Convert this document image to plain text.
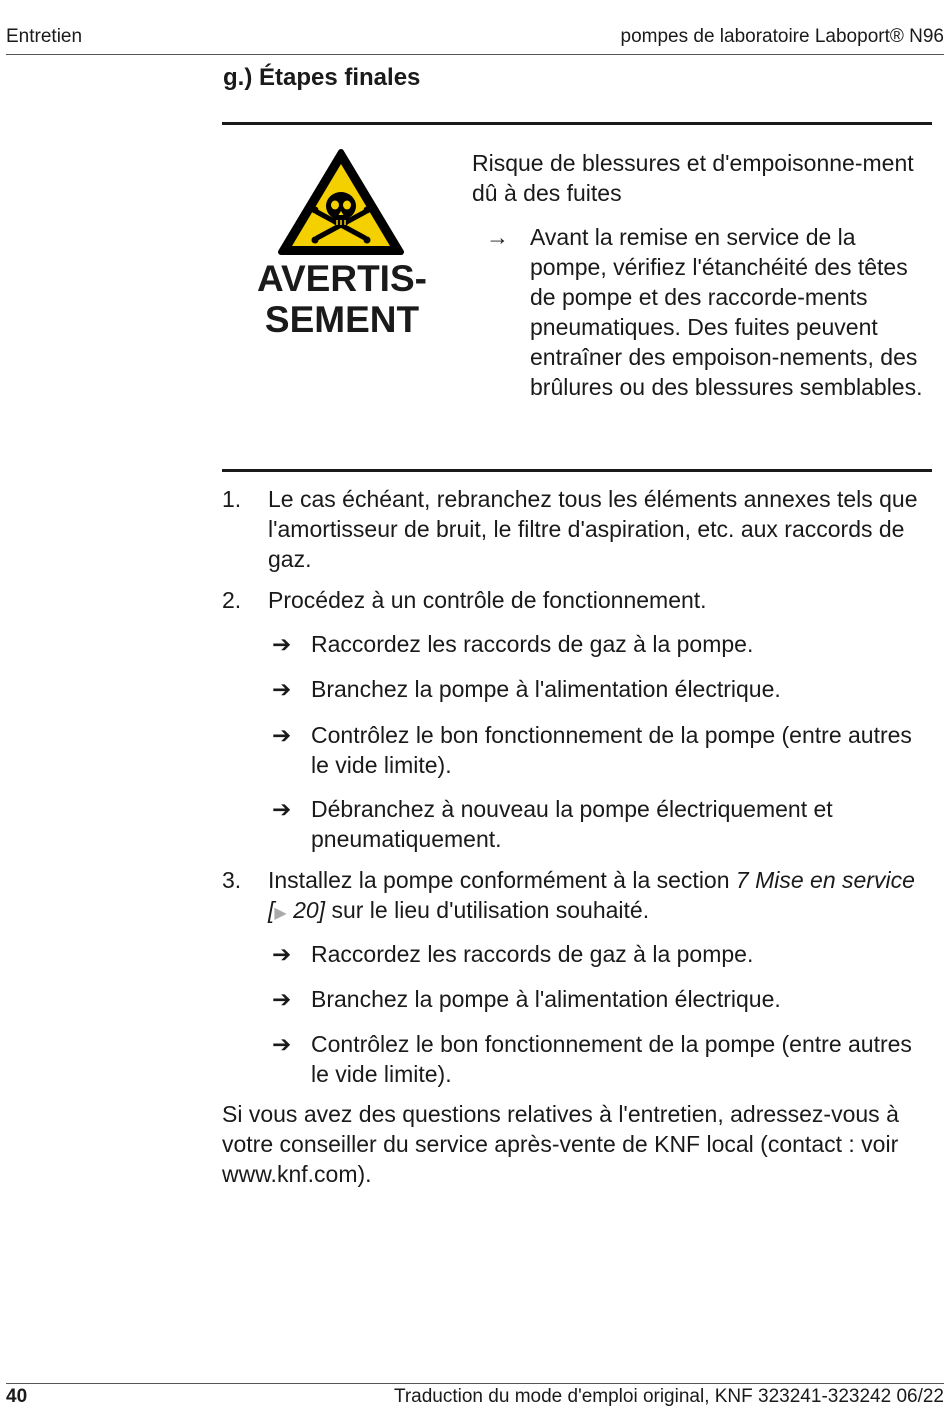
Entretien	pompes de laboratoire Laboport® N96
g.) Étapes finales
AVERTIS-
SEMENT
Risque de blessures et d'empoisonne-ment dû à des fuites
→ Avant la remise en service de la pompe, vérifiez l'étanchéité des têtes de pompe et des raccorde-ments pneumatiques. Des fuites peuvent entraîner des empoison-nements, des brûlures ou des blessures semblables.
1. Le cas échéant, rebranchez tous les éléments annexes tels que l'amortisseur de bruit, le filtre d'aspiration, etc. aux raccords de gaz.
2. Procédez à un contrôle de fonctionnement.
➔ Raccordez les raccords de gaz à la pompe.
➔ Branchez la pompe à l'alimentation électrique.
➔ Contrôlez le bon fonctionnement de la pompe (entre autres le vide limite).
➔ Débranchez à nouveau la pompe électriquement et pneumatiquement.
3. Installez la pompe conformément à la section 7 Mise en service [▶ 20] sur le lieu d'utilisation souhaité.
➔ Raccordez les raccords de gaz à la pompe.
➔ Branchez la pompe à l'alimentation électrique.
➔ Contrôlez le bon fonctionnement de la pompe (entre autres le vide limite).
Si vous avez des questions relatives à l'entretien, adressez-vous à votre conseiller du service après-vente de KNF local (contact : voir www.knf.com).
40	Traduction du mode d'emploi original, KNF 323241-323242 06/22
